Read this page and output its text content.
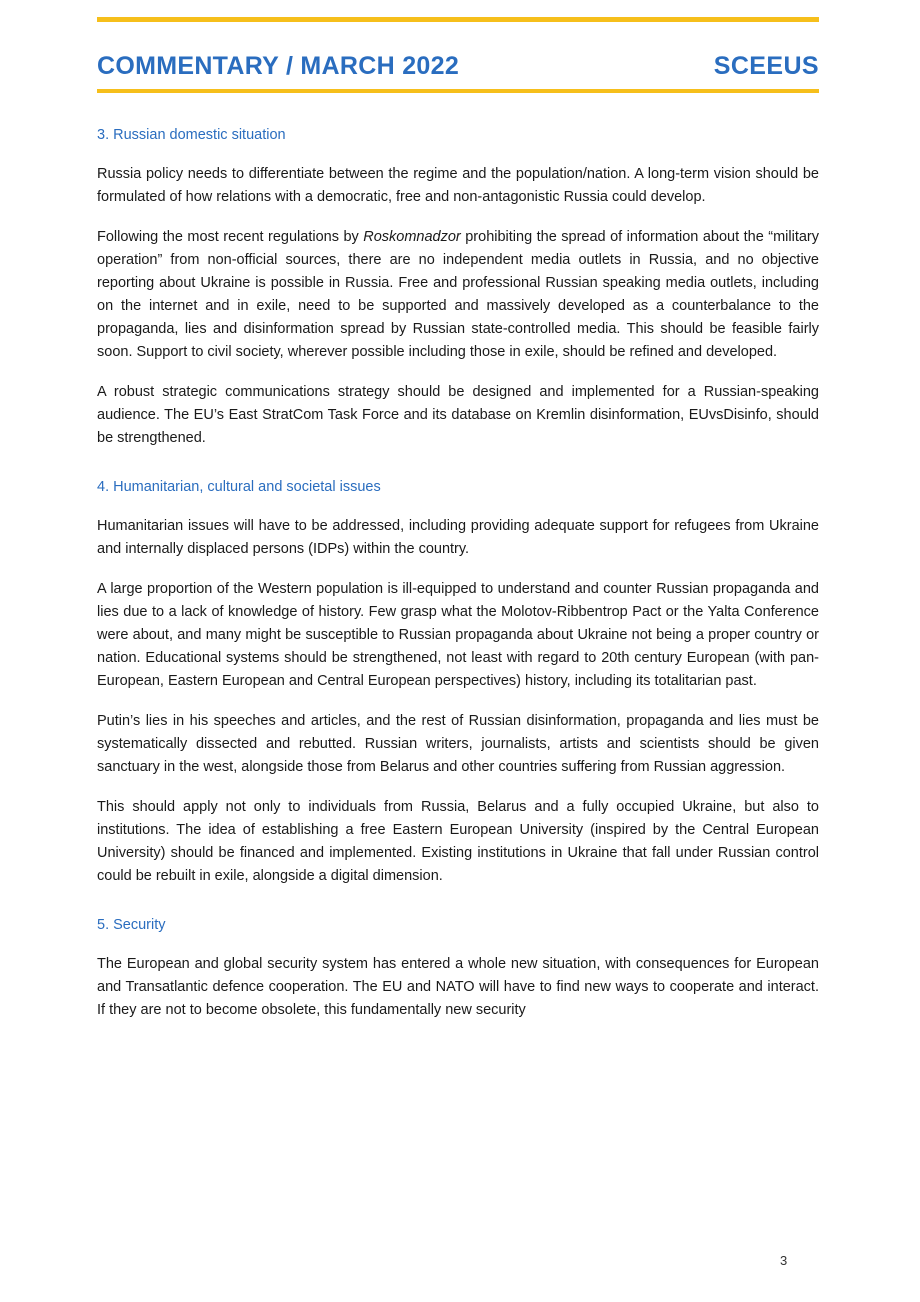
COMMENTARY / MARCH 2022	SCEEUS
3. Russian domestic situation

Russia policy needs to differentiate between the regime and the population/nation. A long-term vision should be formulated of how relations with a democratic, free and non-antagonistic Russia could develop.

Following the most recent regulations by Roskomnadzor prohibiting the spread of information about the “military operation” from non-official sources, there are no independent media outlets in Russia, and no objective reporting about Ukraine is possible in Russia. Free and professional Russian speaking media outlets, including on the internet and in exile, need to be supported and massively developed as a counterbalance to the propaganda, lies and disinformation spread by Russian state-controlled media. This should be feasible fairly soon. Support to civil society, wherever possible including those in exile, should be refined and developed.

A robust strategic communications strategy should be designed and implemented for a Russian-speaking audience. The EU’s East StratCom Task Force and its database on Kremlin disinformation, EUvsDisinfo, should be strengthened.

4. Humanitarian, cultural and societal issues

Humanitarian issues will have to be addressed, including providing adequate support for refugees from Ukraine and internally displaced persons (IDPs) within the country.

A large proportion of the Western population is ill-equipped to understand and counter Russian propaganda and lies due to a lack of knowledge of history. Few grasp what the Molotov-Ribbentrop Pact or the Yalta Conference were about, and many might be susceptible to Russian propaganda about Ukraine not being a proper country or nation. Educational systems should be strengthened, not least with regard to 20th century European (with pan-European, Eastern European and Central European perspectives) history, including its totalitarian past.

Putin’s lies in his speeches and articles, and the rest of Russian disinformation, propaganda and lies must be systematically dissected and rebutted. Russian writers, journalists, artists and scientists should be given sanctuary in the west, alongside those from Belarus and other countries suffering from Russian aggression.

This should apply not only to individuals from Russia, Belarus and a fully occupied Ukraine, but also to institutions. The idea of establishing a free Eastern European University (inspired by the Central European University) should be financed and implemented. Existing institutions in Ukraine that fall under Russian control could be rebuilt in exile, alongside a digital dimension.

5. Security

The European and global security system has entered a whole new situation, with consequences for European and Transatlantic defence cooperation. The EU and NATO will have to find new ways to cooperate and interact. If they are not to become obsolete, this fundamentally new security

3
